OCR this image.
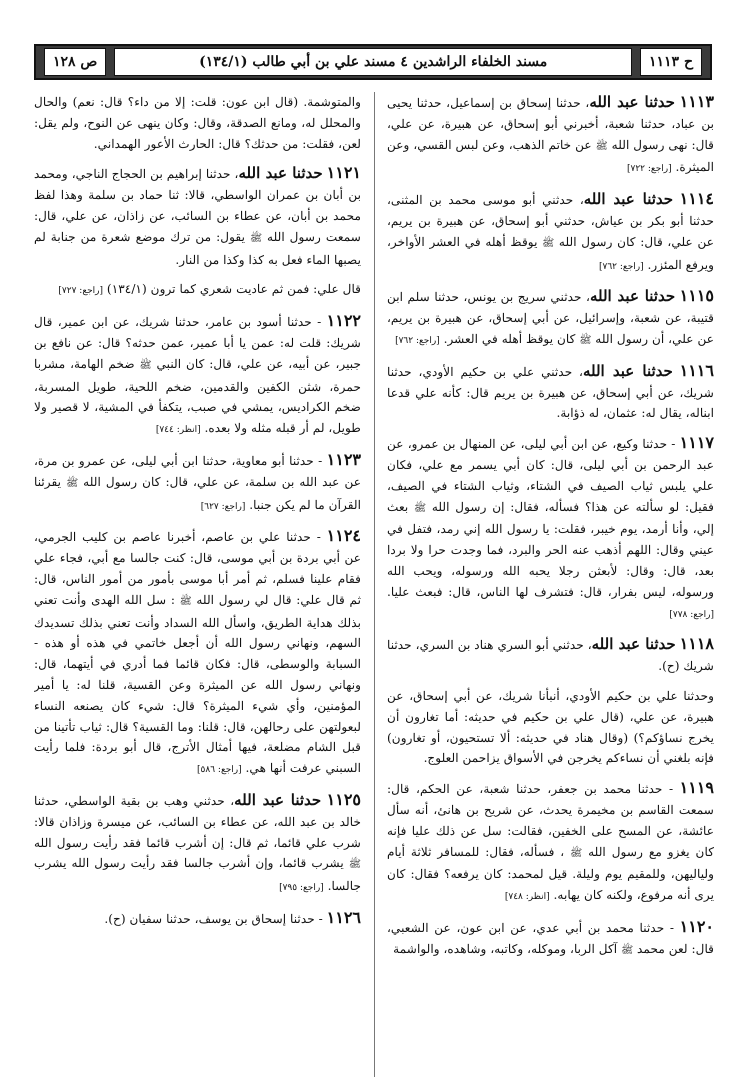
ح ١١١٣
مسند الخلفاء الراشدين ٤ مسند علي بن أبي طالب (١٣٤/١)
ص ١٢٨

١١١٣ حدثنا عبد الله، حدثنا إسحاق بن إسماعيل، حدثنا يحيى بن عباد، حدثنا شعبة، أخبرني أبو إسحاق، عن هبيرة، عن علي، قال: نهى رسول الله ﷺ عن خاتم الذهب، وعن لبس القسي، وعن الميثرة. [راجع: ٧٢٢]

١١١٤ حدثنا عبد الله، حدثني أبو موسى محمد بن المثنى، حدثنا أبو بكر بن عياش، حدثني أبو إسحاق، عن هبيرة بن يريم، عن علي، قال: كان رسول الله ﷺ يوقظ أهله في العشر الأواخر، ويرفع المئزر. [راجع: ٧٦٢]

١١١٥ حدثنا عبد الله، حدثني سريج بن يونس، حدثنا سلم ابن قتيبة، عن شعبة، وإسرائيل، عن أبي إسحاق، عن هبيرة بن يريم، عن علي، أن رسول الله ﷺ كان يوقظ أهله في العشر. [راجع: ٧٦٢]

١١١٦ حدثنا عبد الله، حدثني علي بن حكيم الأودي، حدثنا شريك، عن أبي إسحاق، عن هبيرة بن يريم قال: كأنه علي قدعا ابناله، يقال له: عثمان، له ذؤابة.

١١١٧ - حدثنا وكيع، عن ابن أبي ليلى، عن المنهال بن عمرو، عن عبد الرحمن بن أبي ليلى، قال: كان أبي يسمر مع علي، فكان علي يلبس ثياب الصيف في الشتاء، وثياب الشتاء في الصيف، فقيل: لو سألته عن هذا؟ فسأله، فقال: إن رسول الله ﷺ بعث إلي، وأنا أرمد، يوم خيبر، فقلت: يا رسول الله إني رمد، فتفل في عيني وقال: اللهم أذهب عنه الحر والبرد، فما وجدت حرا ولا بردا بعد، قال: وقال: لأبعثن رجلا يحبه الله ورسوله، ويحب الله ورسوله، ليس بفرار، قال: فتشرف لها الناس، قال: فبعث عليا. [راجع: ٧٧٨]

١١١٨ حدثنا عبد الله، حدثني أبو السري هناد بن السري، حدثنا شريك (ح).

وحدثنا علي بن حكيم الأودي، أنبأنا شريك، عن أبي إسحاق، عن هبيرة، عن علي، (قال علي بن حكيم في حديثه: أما تغارون أن يخرج نساؤكم؟) (وقال هناد في حديثه: ألا تستحيون، أو تغارون) فإنه بلغني أن نساءكم يخرجن في الأسواق يزاحمن العلوج.

١١١٩ - حدثنا محمد بن جعفر، حدثنا شعبة، عن الحكم، قال: سمعت القاسم بن مخيمرة يحدث، عن شريح بن هانئ، أنه سأل عائشة، عن المسح على الخفين، فقالت: سل عن ذلك عليا فإنه كان يغزو مع رسول الله ﷺ ، فسأله، فقال: للمسافر ثلاثة أيام ولياليهن، وللمقيم يوم وليلة. قيل لمحمد: كان يرفعه؟ فقال: كان يرى أنه مرفوع، ولكنه كان يهابه. [انظر: ٧٤٨]

١١٢٠ - حدثنا محمد بن أبي عدي، عن ابن عون، عن الشعبي، قال: لعن محمد ﷺ آكل الربا، وموكله، وكاتبه، وشاهده، والواشمة

والمتوشمة. (قال ابن عون: قلت: إلا من داء؟ قال: نعم) والحال والمحلل له، ومانع الصدقة، وقال: وكان ينهى عن النوح، ولم يقل: لعن، فقلت: من حدثك؟ قال: الحارث الأعور الهمداني.

١١٢١ حدثنا عبد الله، حدثنا إبراهيم بن الحجاج الناجي، ومحمد بن أبان بن عمران الواسطي، قالا: ثنا حماد بن سلمة وهذا لفظ محمد بن أبان، عن عطاء بن السائب، عن زاذان، عن علي، قال: سمعت رسول الله ﷺ يقول: من ترك موضع شعرة من جنابة لم يصبها الماء فعل به كذا وكذا من النار.

قال علي: فمن ثم عاديت شعري كما ترون (١٣٤/١) [راجع: ٧٢٧]

١١٢٢ - حدثنا أسود بن عامر، حدثنا شريك، عن ابن عمير، قال شريك: قلت له: عمن يا أبا عمير، عمن حدثه؟ قال: عن نافع بن جبير، عن أبيه، عن علي، قال: كان النبي ﷺ ضخم الهامة، مشربا حمرة، شثن الكفين والقدمين، ضخم اللحية، طويل المسربة، ضخم الكراديس، يمشي في صبب، يتكفأ في المشية، لا قصير ولا طويل، لم أر قبله مثله ولا بعده. [انظر: ٧٤٤]

١١٢٣ - حدثنا أبو معاوية، حدثنا ابن أبي ليلى، عن عمرو بن مرة، عن عبد الله بن سلمة، عن علي، قال: كان رسول الله ﷺ يقرئنا القرآن ما لم يكن جنبا. [راجع: ٦٢٧]

١١٢٤ - حدثنا علي بن عاصم، أخبرنا عاصم بن كليب الجرمي، عن أبي بردة بن أبي موسى، قال: كنت جالسا مع أبي، فجاء علي فقام علينا فسلم، ثم أمر أبا موسى بأمور من أمور الناس، قال: ثم قال علي: قال لي رسول الله ﷺ : سل الله الهدى وأنت تعني بذلك هداية الطريق، واسأل الله السداد وأنت تعني بذلك تسديدك السهم، ونهاني رسول الله أن أجعل خاتمي في هذه أو هذه - السبابة والوسطى، قال: فكان قائما فما أدري في أيتهما، قال: ونهاني رسول الله عن الميثرة وعن القسية، قلنا له: يا أمير المؤمنين، وأي شيء الميثرة؟ قال: شيء كان يصنعه النساء لبعولتهن على رحالهن، قال: قلنا: وما القسية؟ قال: ثياب تأتينا من قبل الشام مضلعة، فيها أمثال الأترج، قال أبو بردة: فلما رأيت السبني عرفت أنها هي. [راجع: ٥٨٦]

١١٢٥ حدثنا عبد الله، حدثني وهب بن بقية الواسطي، حدثنا خالد بن عبد الله، عن عطاء بن السائب، عن ميسرة وزاذان قالا: شرب علي قائما، ثم قال: إن أشرب قائما فقد رأيت رسول الله ﷺ يشرب قائما، وإن أشرب جالسا فقد رأيت رسول الله يشرب جالسا. [راجع: ٧٩٥]

١١٢٦ - حدثنا إسحاق بن يوسف، حدثنا سفيان (ح).
